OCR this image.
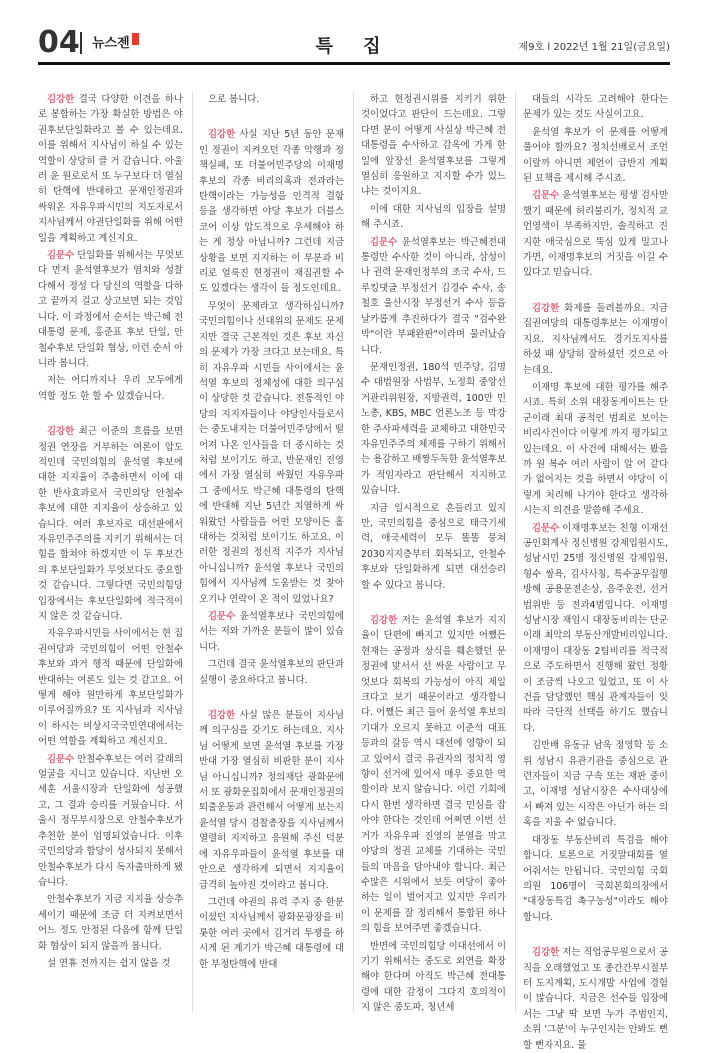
04 뉴스젠	특 집	제9호 l 2022년 1월 21일(금요일)

김강한 결국 다양한 이견을 하나로 봉합하는 가장 확실한 방법은 야권후보단일화라고 볼 수 있는데요. 이를 위해서 지사님이 하실 수 있는 역할이 상당히 클 거 같습니다. 아울러 윤 원로로서 또 누구보다 더 열심히 탄핵에 반대하고 문재인정권과 싸워온 자유우파시민의 지도자로서 지사님께서 야권단일화를 위해 어떤 일을 계획하고 계신지요.

김문수 단일화를 위해서는 무엇보다 먼저 윤석열후보가 염치와 성찰 다해서 정성 다 당신의 역할을 다하고 끝까지 걸고 상고보면 되는 것입니다. 이 과정에서 순서는 박근혜 전 대통령 문제, 홍준표 후보 단일, 안철수후보 단일화 협상, 이런 순서 아니라 봅니다.

저는 어디까지나 우리 모두에게 역할 정도 한 할 수 있겠습니다.

김강한 최근 이준의 흐름을 보면 정권 연장을 거부하는 여론이 압도적인데 국민의힘의 윤석열 후보에 대한 지지율이 주춤하면서 이에 대한 반사효과로서 국민의당 안철수 후보에 대한 지지율이 상승하고 있습니다. 여러 후보자로 대선판에서 자유민주주의를 지키기 위해서는 더 힘을 합쳐야 하겠지만 이 두 후보간의 후보단일화가 무엇보다도 중요할 것 같습니다. 그렇다면 국민의힘당 입장에서는 후보단일화에 적극적이지 않은 것 같습니다.

자유우파시민들 사이에서는 현 집권여당과 국민의힘이 어떤 안철수 후보와 과거 행적 때문에 단일화에 반대하는 여론도 있는 것 같고요. 어떻게 해야 원만하게 후보단일화가 이루어질까요? 또 지사님과 지사님이 하시는 비상시국국민연대에서는 어떤 역할을 계획하고 계신지요.

김문수 안철수후보는 여러 갈래의 얼굴을 지니고 있습니다. 지난번 오세훈 서울시장과 단일화에 성공했고, 그 결과 승리를 거뒀습니다. 서울시 정무부시장으로 안철수후보가 추천한 분이 임명되었습니다. 이후 국민의당과 합당이 성사되지 못해서 안철수후보가 다시 독자출마하게 됐습니다.

안철수후보가 지금 지지율 상승추세이기 때문에 조금 더 지켜보면서 어느 정도 안정된 다음에 함께 단일화 협상이 되지 않을까 봅니다.

설 연휴 전까지는 쉽지 않을 것

으로 봅니다.

김강한 사실 지난 5년 동안 문재인 정권이 지켜오던 각종 악행과 정책실패, 또 더불어민주당의 이재명 후보의 각종 비리의혹과 전과라는 탄핵이라는 가능성을 인격적 결함 등을 생각하면 야당 후보가 더블스코어 이상 압도적으로 우세해야 하는 게 정상 아닙니까? 그런데 지금 상황을 보면 지지하는 이 부분과 비리로 얼룩진 현정권이 재집권할 수도 있겠다는 생각이 들 정도인데요.

무엇이 문제라고 생각하십니까? 국민의힘이나 선대위의 문제도 문제지만 결국 근본적인 것은 후보 자신의 문제가 가장 크다고 보는데요. 특히 자유우파 시민들 사이에서는 윤석열 후보의 정체성에 대한 의구심이 상당한 것 같습니다. 전통적인 야당의 지지자들이나 야당인사들로서는 중도내지는 더불어민주당에서 떨어져 나온 인사들을 더 중시하는 것처럼 보이기도 하고, 반문재인 진영에서 가장 열심히 싸웠던 자유우파 그 중에서도 박근혜 대통령의 탄핵에 반대해 지난 5년간 치열하게 싸워왔던 사람들을 어떤 모양이든 홀대하는 것처럼 보이기도 하고요. 이러한 정권의 정신적 지주가 지사님 아니십니까? 윤석열 후보나 국민의힘에서 지사님께 도움받는 것 찾아오기나 연락이 온 적이 있었나요?

김문수 윤석열후보나 국민의힘에서는 저와 가까운 분들이 많이 있습니다.

그런데 결국 윤석열후보의 판단과 실행이 중요하다고 봅니다.

김강한 사실 많은 분들이 지사님께 의구심을 갖기도 하는데요. 지사님 어떻게 보면 윤석열 후보를 가장 반대 가장 열심히 비판한 분이 지사님 아니십니까? 정의재단 광화문에서 또 광화문집회에서 문재인정권의 퇴출운동과 관련해서 어떻게 보는지 윤석열 당시 검찰총장을 지사님께서 열렬히 지지하고 응원해 주신 덕분에 자유우파들이 윤석열 후보를 대안으로 생각하게 되면서 지지율이 급격히 높아진 것이라고 봅니다.

그런데 야권의 유력 주자 중 한분이셨던 지사님께서 광화문광장을 비롯한 여러 곳에서 김거리 투쟁을 하시게 된 계기가 박근혜 대통령에 대한 부정탄핵에 반대

하고 현정권시위를 지키기 위한 것이었다고 판단이 드는데요. 그렇다면 분이 어떻게 사실상 박근혜 전 대통령을 수사하고 감옥에 가게 한 일에 앞장선 윤석열후보를 그렇게 열심히 응원하고 지지할 수가 있느냐는 것이지요.

이에 대한 지사님의 입장을 설명해 주시죠.

김문수 윤석열후보는 박근혜전대통령만 수사한 것이 아니라, 삼성이나 권력 문재인정부의 조국 수사, 드루킹댓글 부정선거 김경수 수사, 송철호 울산시장 부정선거 수사 등을 날카롭게 추진하다가 결국 "검수완박"이란 부패완판"이라며 물러났습니다.

문재인정권, 180석 민주당, 김명수 대법원장 사법부, 노정희 중앙선거관리위원장, 지방권력, 100만 민노총, KBS, MBC 언론노조 등 막강한 주사파세력을 교체하고 대한민국 자유민주주의 체제를 구하기 위해서는 용감하고 배짱두둑한 윤석열후보가 적임자라고 판단해서 지지하고 있습니다.

지금 일시적으로 흔들리고 있지만, 국민의힘을 중심으로 태극기세력, 애국세력이 모두 똘똘 뭉쳐 2030지지층부터 회복되고, 안철수후보와 단일화하게 되면 대선승리 할 수 있다고 봅니다.

김강한 저는 윤석열 후보가 지지율이 단편에 빠지고 있지만 어쨌든 현재는 공정과 상식을 훼손했던 문 정권에 맞서서 선 싸운 사람이고 무엇보다 회복의 가능성이 아직 제일 크다고 보기 때문이라고 생각합니다. 어쨌든 최근 들어 윤석열 후보의 기대가 오르지 못하고 이준석 대표 등과의 갈등 역시 대선에 영향이 되고 있어서 결국 유권자의 정치적 영향이 선거에 있어서 매우 중요한 역할이라 보지 않습니다. 이런 기회에 다시 한번 생각하면 결국 민심을 잡아야 한다는 것인데 어쩌면 이번 선거가 자유우파 진영의 분열을 막고 야당의 정권 교체를 기대하는 국민들의 마음을 담아내야 합니다. 최근 수많은 시위에서 보듯 여당이 좋아하는 일이 벌어지고 있지만 우리가 이 문제를 잘 정리해서 통합된 하나의 힘을 보여주면 좋겠습니다.

반면에 국민의힘당 이대선에서 이기기 위해서는 중도로 외연을 확장해야 한다며 아직도 박근혜 전대통령에 대한 감정이 그다지 호의적이지 않은 중도파, 청년세

대들의 시각도 고려해야 한다는 문제가 있는 것도 사실이고요.

윤석열 후보가 이 문제를 어떻게 풀어야 할까요? 정치선배로서 조언이랄까 아니면 제언이 급반지 계획된 묘책을 제시해 주시죠.

김문수 윤석열후보는 평생 검사만 했기 때문에 허리불리가, 정치적 교언영색이 부족하지만, 솔직하고 진지한 애국심으로 뚝심 있게 밀고나가면, 이재명후보의 거짓을 이길 수 있다고 믿습니다.

김강한 화제를 돌려볼까요. 지금 집권여당의 대통령후보는 이재명이지요. 지사님께서도 경기도지사를 하셨 때 상당히 잘하셨던 것으로 아는데요.

이재명 후보에 대한 평가를 해주시죠. 특히 소위 대장동게이트는 단군이래 최대 공적인 범죄로 보이는 비리사건이다 이렇게 까지 평가되고 있는데요. 이 사건에 대해서는 봤을까 원 복수 여러 사람이 알 어 같다가 없어지는 것을 하면서 야당이 이렇게 처리해 나가야 한다고 생각하시는지 의견을 말씀해 주세요.

김문수 이재명후보는 친형 이재선공인회계사 정신병원 강제입원시도, 성남시민 25명 정신병원 강제입원, 형수 쌍욕, 김사사칭, 특수공무집행방해 공용문전손상, 음주운전, 선거법위반 등 전과4범입니다. 이재명 성남시장 재임시 대장동비리는 단군 이래 최악의 부동산개발비리입니다. 이재명이 대장동 2팀비리를 적극적으로 주도하면서 진행해 왔던 정황이 조금씩 나오고 있었고, 또 이 사건을 담당했던 핵심 관계자들이 잇따라 극단적 선택을 하기도 했습니다.

김만배 유동규 남욱 정영학 등 소위 성남시 유관기관을 중심으로 관련자들이 지금 구속 또는 재판 중이고, 이재명 성남시장은 수사대상에서 빠져 있는 시작은 아닌가 하는 의혹을 지울 수 없습니다.

대장동 부동산비리 특검을 해야 합니다. 토론으로 거짓말대회를 열어줘서는 안됩니다. 국민의힘 국회의원 106명이 국회본회의장에서 "대장동특검 촉구농성"이라도 해야 합니다.

김강한 저는 직업공무원으로서 공직을 오래했었고 또 종간간부시절부터 도지계획, 도시개발 사업에 경험이 많습니다. 지금은 선수들 입장에서는 그냥 딱 보면 누가 주범인지, 소위 '그분'이 누구인지는 안봐도 뻔할 뻔자지요. 물
